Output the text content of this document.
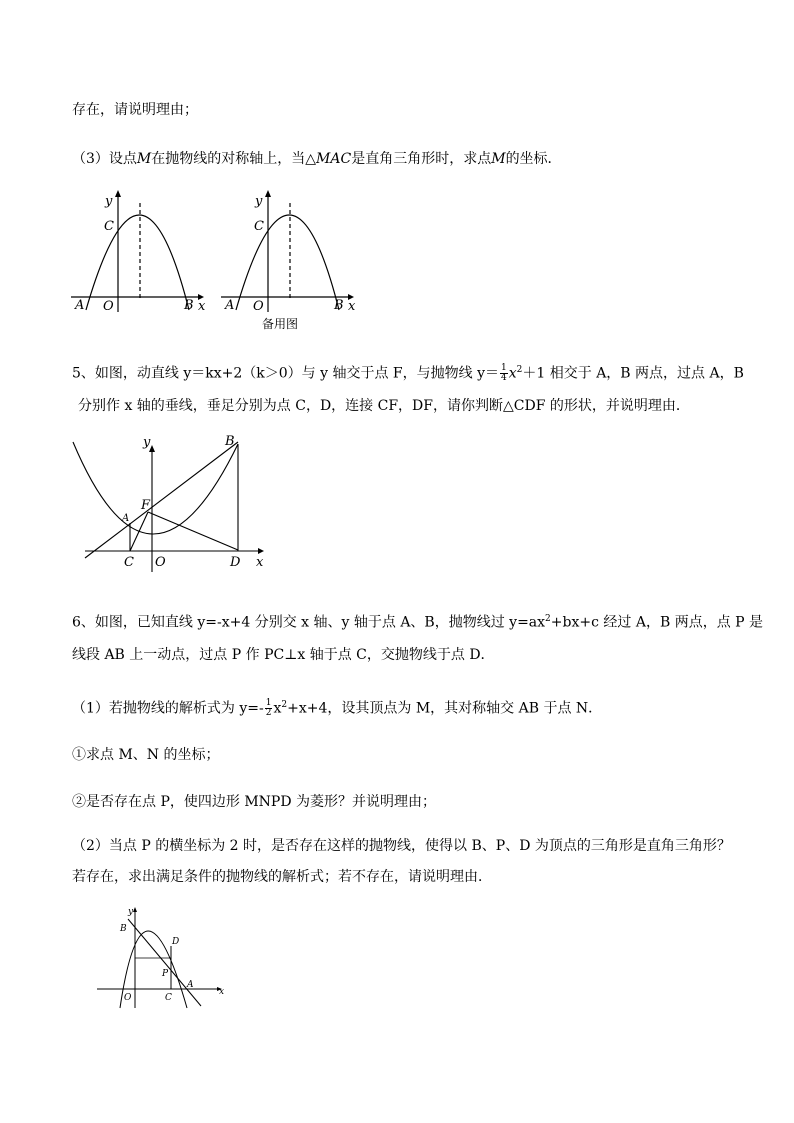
存在，请说明理由；
（3）设点M在抛物线的对称轴上，当△MAC是直角三角形时，求点M的坐标．
y
C
A O	B x
y
C
A O	B x
备用图
5、如图，动直线 y＝kx+2（k＞0）与 y 轴交于点 F，与抛物线 $y= \frac{1}{4} x^2+1$ 相交于 A，B 两点，过点 A，B
分别作 x 轴的垂线，垂足分别为点 C，D，连接 CF，DF，请你判断△CDF 的形状，并说明理由．
y	B
F
A
C O	D x
6、如图，已知直线 y=-x+4 分别交 x 轴、y 轴于点 A、B，抛物线过 $y=ax^2+bx+c$ 经过 A，B 两点，点 P 是
线段 AB 上一动点，过点 P 作 PC⊥x 轴于点 C，交抛物线于点 D．
（1）若抛物线的解析式为 $y=- \frac{1}{2} x^2+x+4$，设其顶点为 M，其对称轴交 AB 于点 N．
①求点 M、N 的坐标；
②是否存在点 P，使四边形 MNPD 为菱形？并说明理由；
（2）当点 P 的横坐标为 2 时，是否存在这样的抛物线，使得以 B、P、D 为顶点的三角形是直角三角形？
若存在，求出满足条件的抛物线的解析式；若不存在，请说明理由．
y
B
D
P
A
O	C
x
